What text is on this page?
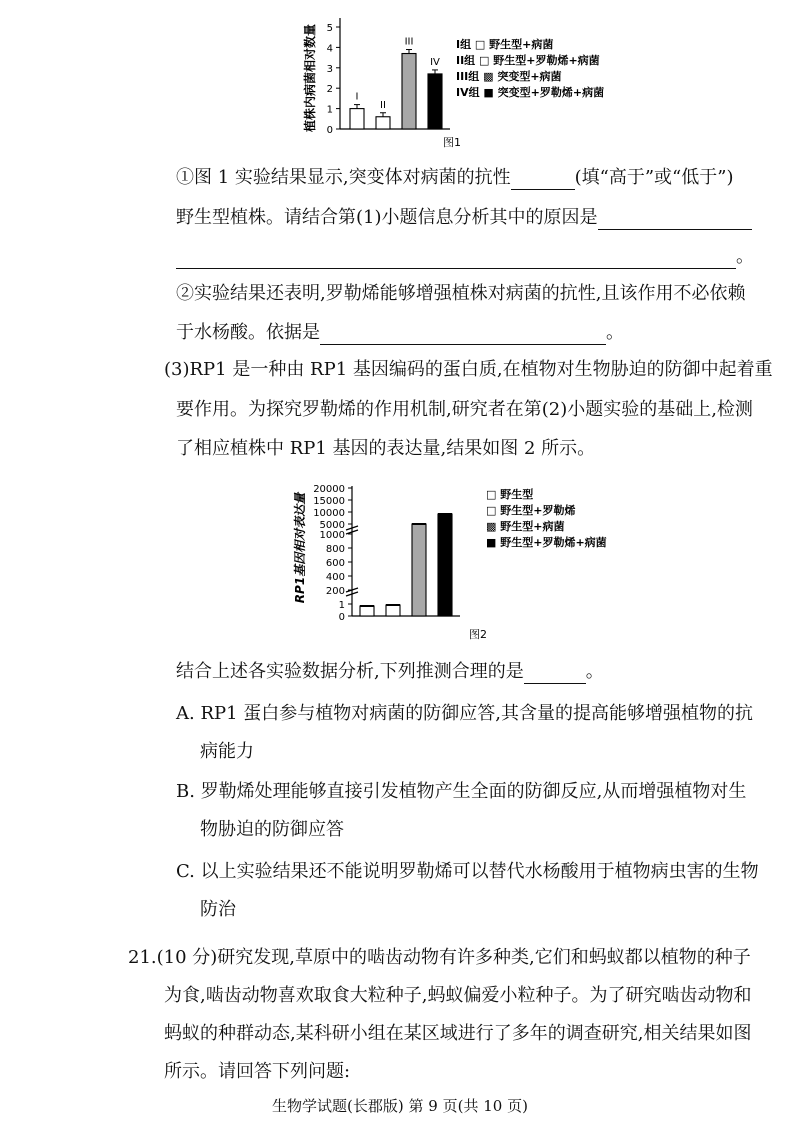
植株内病菌相对数量 0
1
2
3
4
5
I
II
III
IV
I组 □ 野生型+病菌
II组 □ 野生型+罗勒烯+病菌
III组 ▩ 突变型+病菌
IV组 ■ 突变型+罗勒烯+病菌
图1
①图 1 实验结果显示,突变体对病菌的抗性	(填“高于”或“低于”)
野生型植株。请结合第(1)小题信息分析其中的原因是
。
②实验结果还表明,罗勒烯能够增强植株对病菌的抗性,且该作用不必依赖
于水杨酸。依据是	。
(3)RP1 是一种由 RP1 基因编码的蛋白质,在植物对生物胁迫的防御中起着重
要作用。为探究罗勒烯的作用机制,研究者在第(2)小题实验的基础上,检测
了相应植株中 RP1 基因的表达量,结果如图 2 所示。
RP1基因相对表达量
0
1
200
400
600
800
1000
5000
10000
15000
20000	□ 野生型
□ 野生型+罗勒烯
▩ 野生型+病菌
■ 野生型+罗勒烯+病菌
图2
结合上述各实验数据分析,下列推测合理的是	。
A. RP1 蛋白参与植物对病菌的防御应答,其含量的提高能够增强植物的抗
病能力
B. 罗勒烯处理能够直接引发植物产生全面的防御反应,从而增强植物对生
物胁迫的防御应答
C. 以上实验结果还不能说明罗勒烯可以替代水杨酸用于植物病虫害的生物
防治
21.(10 分)研究发现,草原中的啮齿动物有许多种类,它们和蚂蚁都以植物的种子
为食,啮齿动物喜欢取食大粒种子,蚂蚁偏爱小粒种子。为了研究啮齿动物和
蚂蚁的种群动态,某科研小组在某区域进行了多年的调查研究,相关结果如图
所示。请回答下列问题:
生物学试题(长郡版) 第 9 页(共 10 页)
